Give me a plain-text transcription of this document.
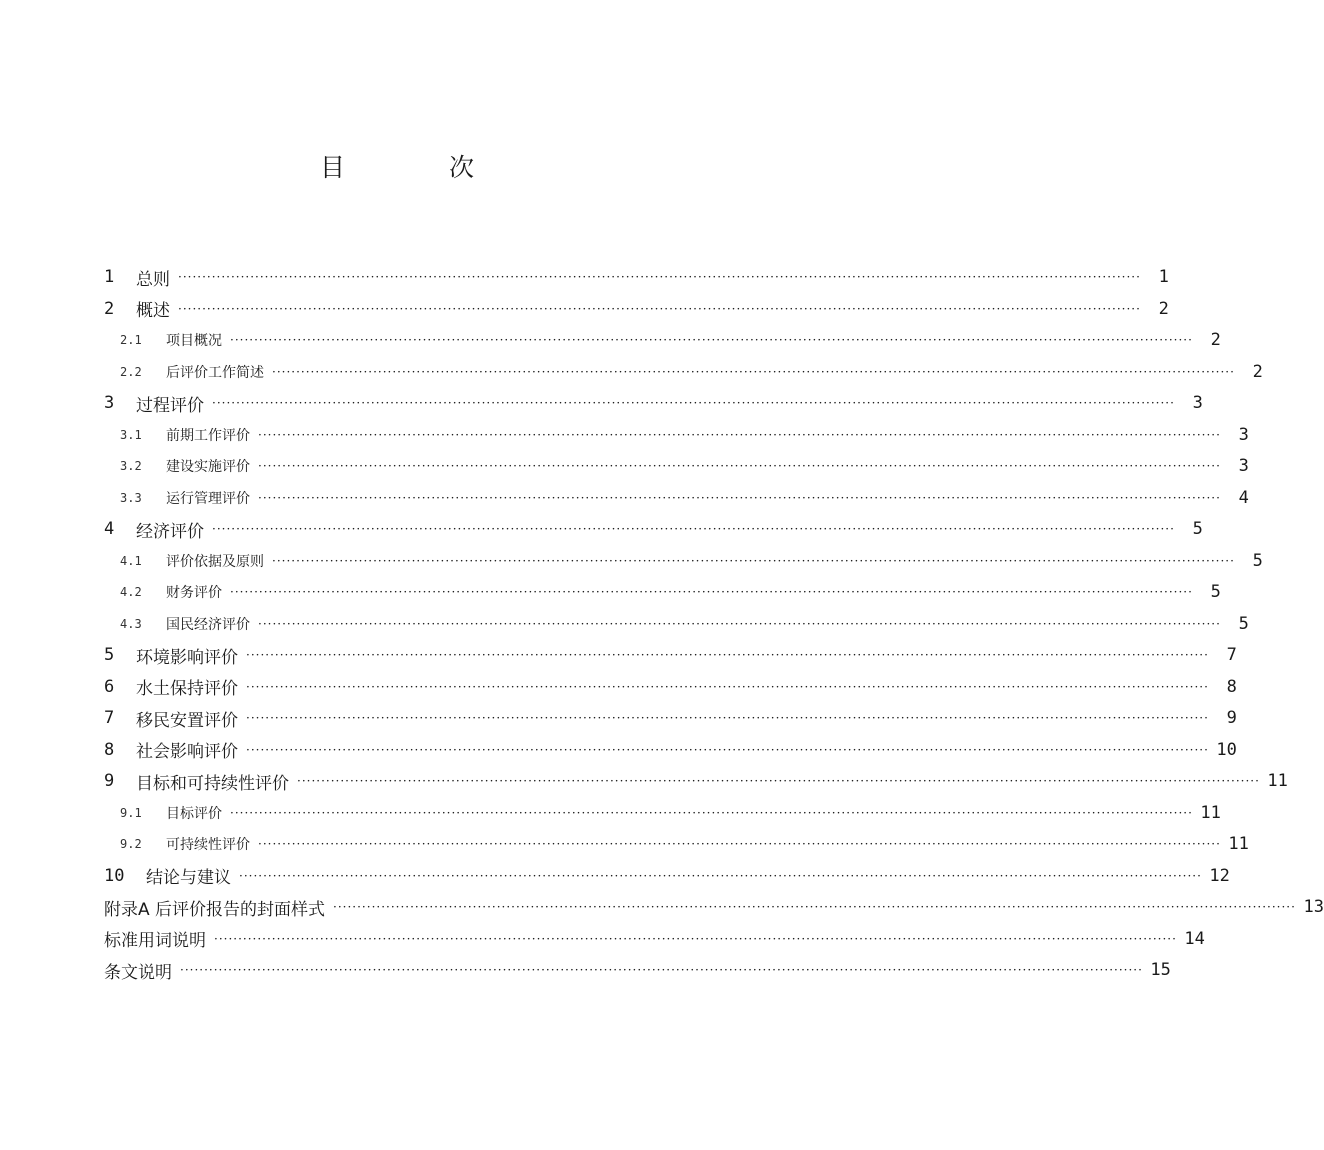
目 次
1	总则 ········································································································································································································	1
2	概述 ········································································································································································································	2
2.1	项目概况 ········································································································································································································	2
2.2	后评价工作简述 ········································································································································································································	2
3	过程评价 ········································································································································································································	3
3.1	前期工作评价 ········································································································································································································	3
3.2	建设实施评价 ········································································································································································································	3
3.3	运行管理评价 ········································································································································································································	4
4	经济评价 ········································································································································································································	5
4.1	评价依据及原则 ········································································································································································································	5
4.2	财务评价 ········································································································································································································	5
4.3	国民经济评价 ········································································································································································································	5
5	环境影响评价 ········································································································································································································	7
6	水土保持评价 ········································································································································································································	8
7	移民安置评价 ········································································································································································································	9
8	社会影响评价 ········································································································································································································ 10
9	目标和可持续性评价 ········································································································································································································ 11
9.1	目标评价 ········································································································································································································ 11
9.2	可持续性评价 ········································································································································································································ 11
10	结论与建议 ········································································································································································································ 12
附录A 后评价报告的封面样式 ········································································································································································································ 13
标准用词说明 ········································································································································································································ 14
条文说明 ········································································································································································································ 15
